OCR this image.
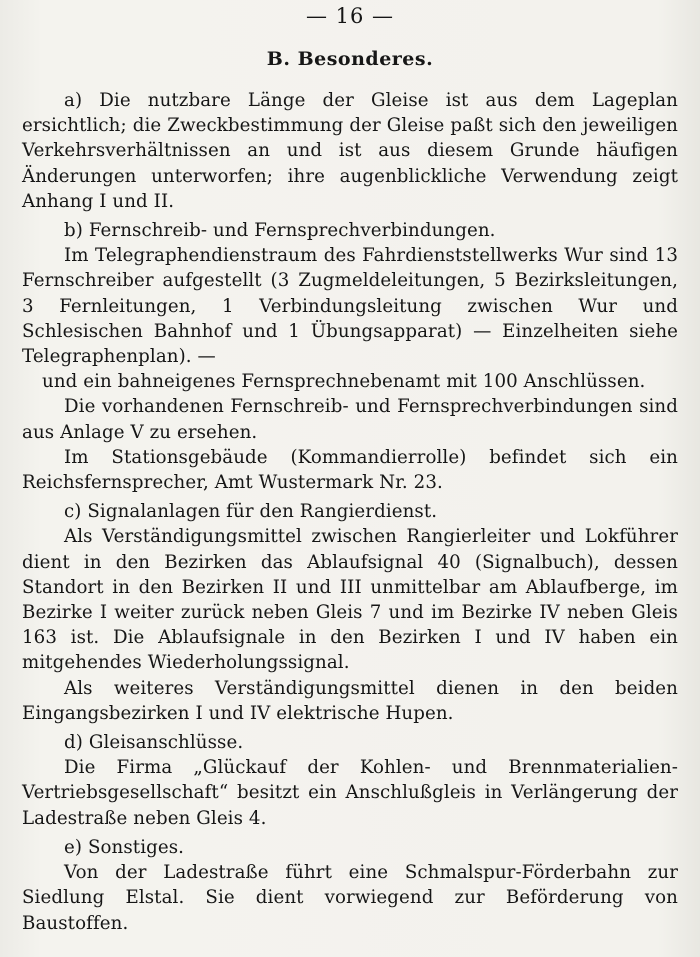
— 16 —
B. Besonderes.

a) Die nutzbare Länge der Gleise ist aus dem Lageplan ersichtlich; die Zweckbestimmung der Gleise paßt sich den jeweiligen Verkehrsverhältnissen an und ist aus diesem Grunde häufigen Änderungen unterworfen; ihre augenblickliche Verwendung zeigt Anhang I und II.

b) Fernschreib- und Fernsprechverbindungen.

Im Telegraphendienstraum des Fahrdienststellwerks Wur sind 13 Fernschreiber aufgestellt (3 Zugmeldeleitungen, 5 Bezirksleitungen, 3 Fernleitungen, 1 Verbindungsleitung zwischen Wur und Schlesischen Bahnhof und 1 Übungsapparat) — Einzelheiten siehe Telegraphenplan). —

und ein bahneigenes Fernsprechnebenamt mit 100 Anschlüssen.

Die vorhandenen Fernschreib- und Fernsprechverbindungen sind aus Anlage V zu ersehen.

Im Stationsgebäude (Kommandierrolle) befindet sich ein Reichsfernsprecher, Amt Wustermark Nr. 23.

c) Signalanlagen für den Rangierdienst.

Als Verständigungsmittel zwischen Rangierleiter und Lokführer dient in den Bezirken das Ablaufsignal 40 (Signalbuch), dessen Standort in den Bezirken II und III unmittelbar am Ablaufberge, im Bezirke I weiter zurück neben Gleis 7 und im Bezirke IV neben Gleis 163 ist. Die Ablaufsignale in den Bezirken I und IV haben ein mitgehendes Wiederholungssignal.

Als weiteres Verständigungsmittel dienen in den beiden Eingangsbezirken I und IV elektrische Hupen.

d) Gleisanschlüsse.

Die Firma „Glückauf der Kohlen- und Brennmaterialien-Vertriebsgesellschaft“ besitzt ein Anschlußgleis in Verlängerung der Ladestraße neben Gleis 4.

e) Sonstiges.

Von der Ladestraße führt eine Schmalspur-Förderbahn zur Siedlung Elstal. Sie dient vorwiegend zur Beförderung von Baustoffen.
